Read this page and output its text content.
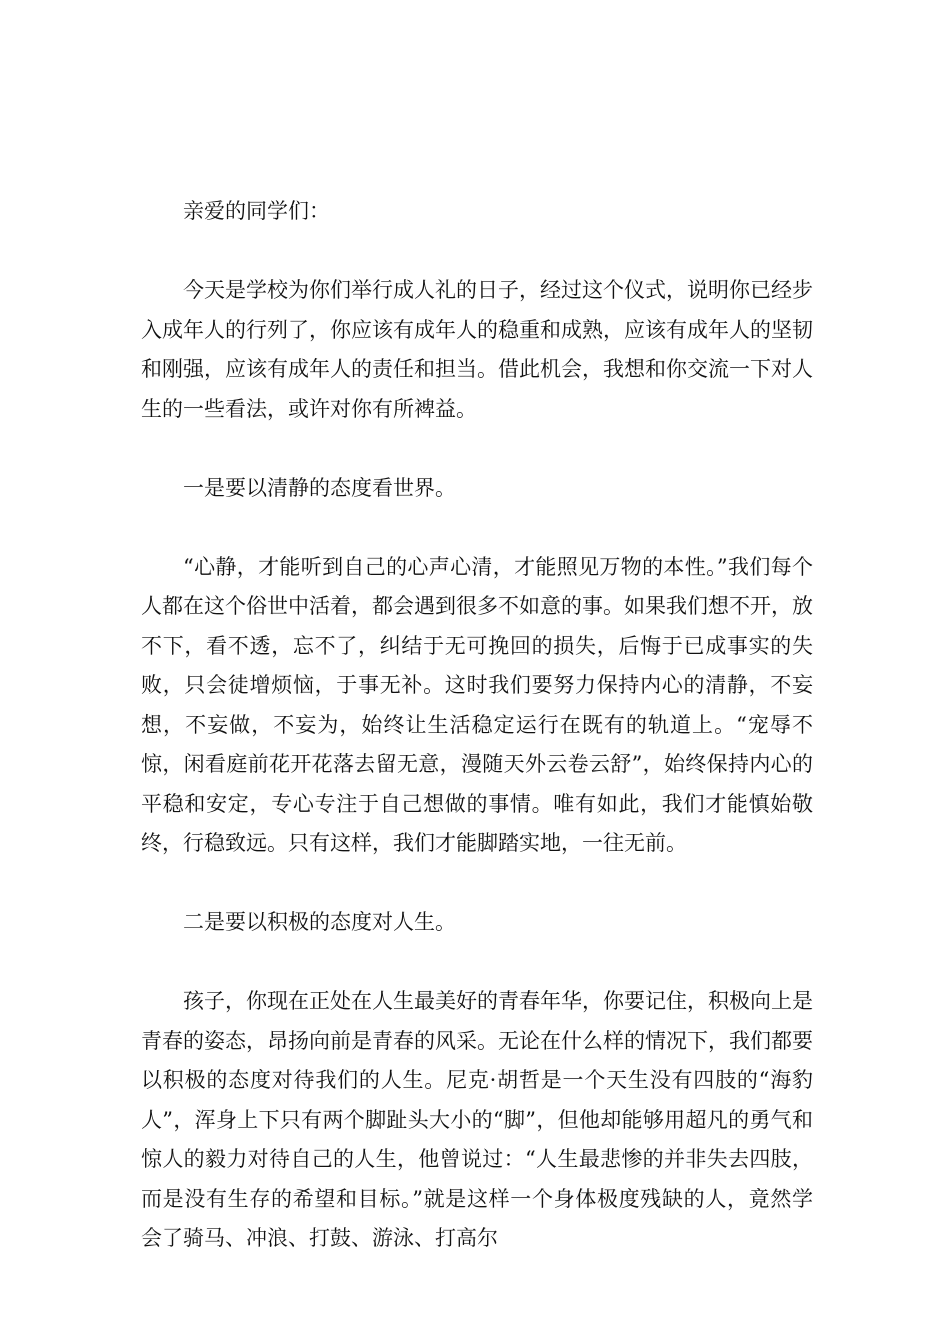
亲爱的同学们：

今天是学校为你们举行成人礼的日子，经过这个仪式，说明你已经步入成年人的行列了，你应该有成年人的稳重和成熟，应该有成年人的坚韧和刚强，应该有成年人的责任和担当。借此机会，我想和你交流一下对人生的一些看法，或许对你有所裨益。

一是要以清静的态度看世界。

“心静，才能听到自己的心声心清，才能照见万物的本性。”我们每个人都在这个俗世中活着，都会遇到很多不如意的事。如果我们想不开，放不下，看不透，忘不了，纠结于无可挽回的损失，后悔于已成事实的失败，只会徒增烦恼，于事无补。这时我们要努力保持内心的清静，不妄想，不妄做，不妄为，始终让生活稳定运行在既有的轨道上。“宠辱不惊，闲看庭前花开花落去留无意，漫随天外云卷云舒”，始终保持内心的平稳和安定，专心专注于自己想做的事情。唯有如此，我们才能慎始敬终，行稳致远。只有这样，我们才能脚踏实地，一往无前。

二是要以积极的态度对人生。

孩子，你现在正处在人生最美好的青春年华，你要记住，积极向上是青春的姿态，昂扬向前是青春的风采。无论在什么样的情况下，我们都要以积极的态度对待我们的人生。尼克·胡哲是一个天生没有四肢的“海豹人”，浑身上下只有两个脚趾头大小的“脚”，但他却能够用超凡的勇气和惊人的毅力对待自己的人生，他曾说过：“人生最悲惨的并非失去四肢，而是没有生存的希望和目标。”就是这样一个身体极度残缺的人，竟然学会了骑马、冲浪、打鼓、游泳、打高尔
